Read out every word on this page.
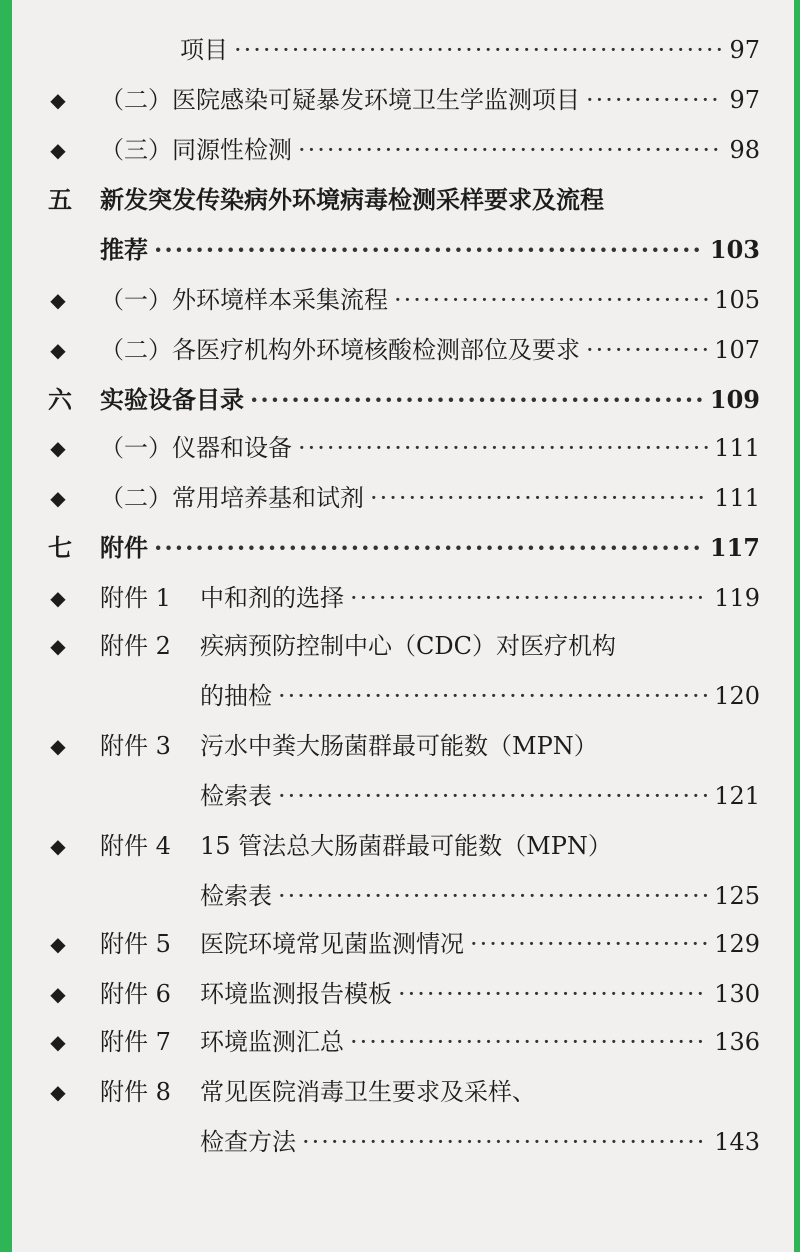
项目 ·····	97
◆ （二）医院感染可疑暴发环境卫生学监测项目 ·····	97
◆ （三）同源性检测 ·····	98
五	新发突发传染病外环境病毒检测采样要求及流程
推荐 ·····	103
◆ （一）外环境样本采集流程 ·····	105
◆ （二）各医疗机构外环境核酸检测部位及要求 ·····	107
六	实验设备目录 ·····	109
◆ （一）仪器和设备 ·····	111
◆ （二）常用培养基和试剂 ·····	111
七	附件 ·····	117
◆ 附件 1 中和剂的选择 ·····	119
◆ 附件 2 疾病预防控制中心（CDC）对医疗机构
的抽检 ·····	120
◆ 附件 3 污水中粪大肠菌群最可能数（MPN）
检索表 ·····	121
◆ 附件 4 15 管法总大肠菌群最可能数（MPN）
检索表 ·····	125
◆ 附件 5 医院环境常见菌监测情况 ·····	129
◆ 附件 6 环境监测报告模板 ·····	130
◆ 附件 7 环境监测汇总 ·····	136
◆ 附件 8 常见医院消毒卫生要求及采样、
检查方法 ·····	143
